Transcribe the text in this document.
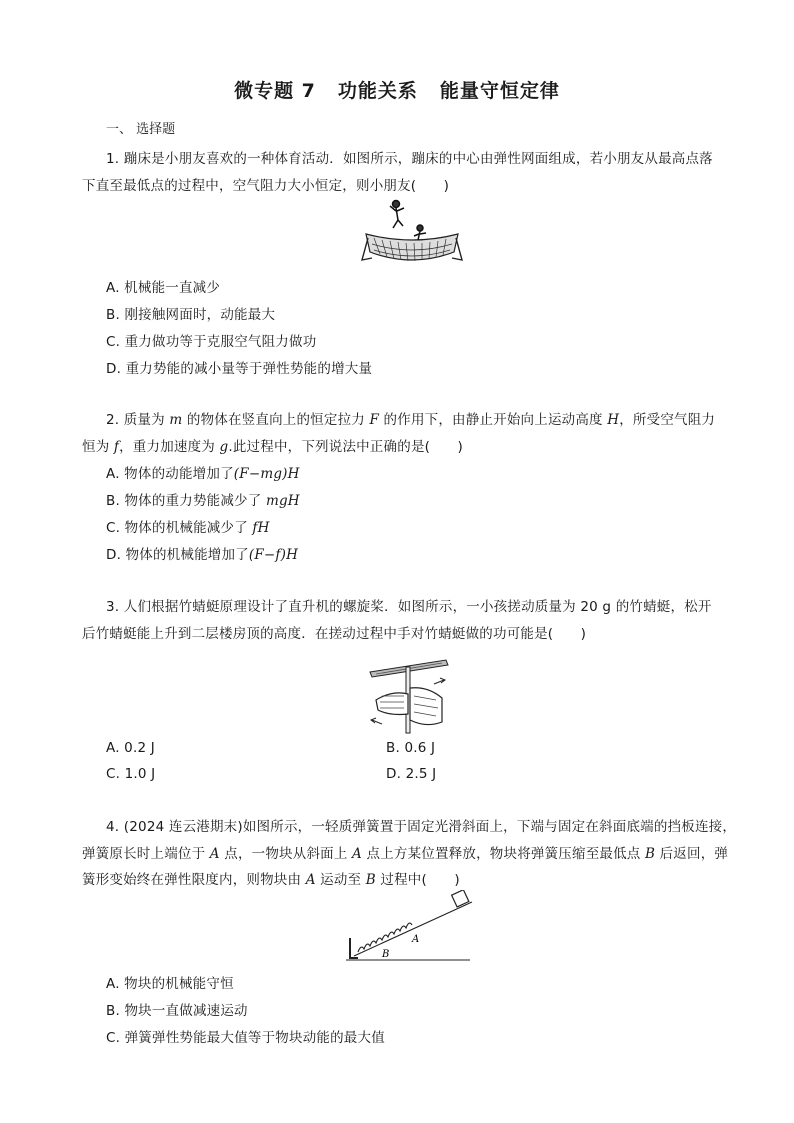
微专题 7 功能关系 能量守恒定律
一、 选择题
1. 蹦床是小朋友喜欢的一种体育活动．如图所示，蹦床的中心由弹性网面组成，若小朋友从最高点落
下直至最低点的过程中，空气阻力大小恒定，则小朋友(　　)
A. 机械能一直减少
B. 刚接触网面时，动能最大
C. 重力做功等于克服空气阻力做功
D. 重力势能的减小量等于弹性势能的增大量
2. 质量为 m 的物体在竖直向上的恒定拉力 F 的作用下，由静止开始向上运动高度 H，所受空气阻力
恒为 f，重力加速度为 g.此过程中，下列说法中正确的是(　　)
A. 物体的动能增加了(F−mg)H
B. 物体的重力势能减少了 mgH
C. 物体的机械能减少了 fH
D. 物体的机械能增加了(F−f)H
3. 人们根据竹蜻蜓原理设计了直升机的螺旋桨．如图所示，一小孩搓动质量为 20 g 的竹蜻蜓，松开
后竹蜻蜓能上升到二层楼房顶的高度．在搓动过程中手对竹蜻蜓做的功可能是(　　)
A. 0.2 J	B. 0.6 J
C. 1.0 J	D. 2.5 J
4. (2024 连云港期末)如图所示，一轻质弹簧置于固定光滑斜面上，下端与固定在斜面底端的挡板连接，
弹簧原长时上端位于 A 点，一物块从斜面上 A 点上方某位置释放，物块将弹簧压缩至最低点 B 后返回，弹
簧形变始终在弹性限度内，则物块由 A 运动至 B 过程中(　　)
A
B
A. 物块的机械能守恒
B. 物块一直做减速运动
C. 弹簧弹性势能最大值等于物块动能的最大值
